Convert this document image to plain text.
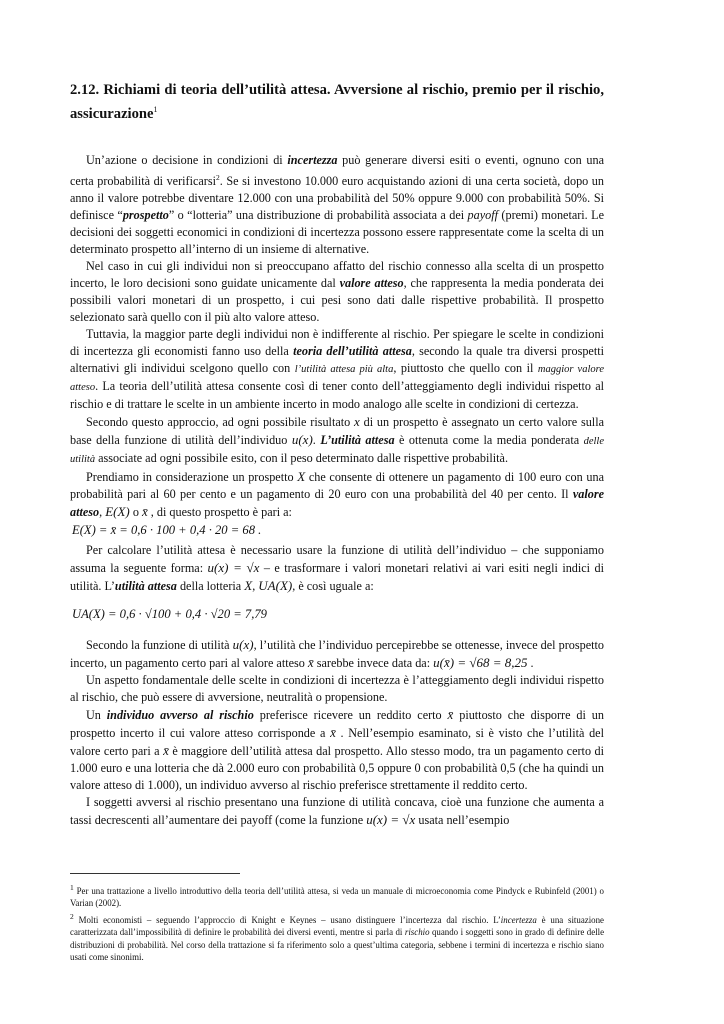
2.12. Richiami di teoria dell’utilità attesa. Avversione al rischio, premio per il rischio, assicurazione$^1$

Un’azione o decisione in condizioni di incertezza può generare diversi esiti o eventi, ognuno con una certa probabilità di verificarsi$^2$. Se si investono 10.000 euro acquistando azioni di una certa società, dopo un anno il valore potrebbe diventare 12.000 con una probabilità del 50% oppure 9.000 con probabilità 50%. Si definisce “prospetto” o “lotteria” una distribuzione di probabilità associata a dei payoff (premi) monetari. Le decisioni dei soggetti economici in condizioni di incertezza possono essere rappresentate come la scelta di un determinato prospetto all’interno di un insieme di alternative.

Nel caso in cui gli individui non si preoccupano affatto del rischio connesso alla scelta di un prospetto incerto, le loro decisioni sono guidate unicamente dal valore atteso, che rappresenta la media ponderata dei possibili valori monetari di un prospetto, i cui pesi sono dati dalle rispettive probabilità. Il prospetto selezionato sarà quello con il più alto valore atteso.

Tuttavia, la maggior parte degli individui non è indifferente al rischio. Per spiegare le scelte in condizioni di incertezza gli economisti fanno uso della teoria dell’utilità attesa, secondo la quale tra diversi prospetti alternativi gli individui scelgono quello con l’utilità attesa più alta, piuttosto che quello con il maggior valore atteso. La teoria dell’utilità attesa consente così di tener conto dell’atteggiamento degli individui rispetto al rischio e di trattare le scelte in un ambiente incerto in modo analogo alle scelte in condizioni di certezza.

Secondo questo approccio, ad ogni possibile risultato x di un prospetto è assegnato un certo valore sulla base della funzione di utilità dell’individuo u(x). L’utilità attesa è ottenuta come la media ponderata delle utilità associate ad ogni possibile esito, con il peso determinato dalle rispettive probabilità.

Prendiamo in considerazione un prospetto X che consente di ottenere un pagamento di 100 euro con una probabilità pari al 60 per cento e un pagamento di 20 euro con una probabilità del 40 per cento. Il valore atteso, E(X) o x̄ , di questo prospetto è pari a:

E(X) = x̄ = 0,6 · 100 + 0,4 · 20 = 68 .

Per calcolare l’utilità attesa è necessario usare la funzione di utilità dell’individuo – che supponiamo assuma la seguente forma: u(x) = √x – e trasformare i valori monetari relativi ai vari esiti negli indici di utilità. L’utilità attesa della lotteria X, UA(X), è così uguale a:

UA(X) = 0,6 · √100 + 0,4 · √20 = 7,79

Secondo la funzione di utilità u(x), l’utilità che l’individuo percepirebbe se ottenesse, invece del prospetto incerto, un pagamento certo pari al valore atteso x̄ sarebbe invece data da: u(x̄) = √68 = 8,25 .

Un aspetto fondamentale delle scelte in condizioni di incertezza è l’atteggiamento degli individui rispetto al rischio, che può essere di avversione, neutralità o propensione.

Un individuo avverso al rischio preferisce ricevere un reddito certo x̄ piuttosto che disporre di un prospetto incerto il cui valore atteso corrisponde a x̄ . Nell’esempio esaminato, si è visto che l’utilità del valore certo pari a x̄ è maggiore dell’utilità attesa dal prospetto. Allo stesso modo, tra un pagamento certo di 1.000 euro e una lotteria che dà 2.000 euro con probabilità 0,5 oppure 0 con probabilità 0,5 (che ha quindi un valore atteso di 1.000), un individuo avverso al rischio preferisce strettamente il reddito certo.

I soggetti avversi al rischio presentano una funzione di utilità concava, cioè una funzione che aumenta a tassi decrescenti all’aumentare dei payoff (come la funzione u(x) = √x usata nell’esempio

$^1$ Per una trattazione a livello introduttivo della teoria dell’utilità attesa, si veda un manuale di microeconomia come Pindyck e Rubinfeld (2001) o Varian (2002).
$^2$ Molti economisti – seguendo l’approccio di Knight e Keynes – usano distinguere l’incertezza dal rischio. L’incertezza è una situazione caratterizzata dall’impossibilità di definire le probabilità dei diversi eventi, mentre si parla di rischio quando i soggetti sono in grado di definire delle distribuzioni di probabilità. Nel corso della trattazione si fa riferimento solo a quest’ultima categoria, sebbene i termini di incertezza e rischio siano usati come sinonimi.
